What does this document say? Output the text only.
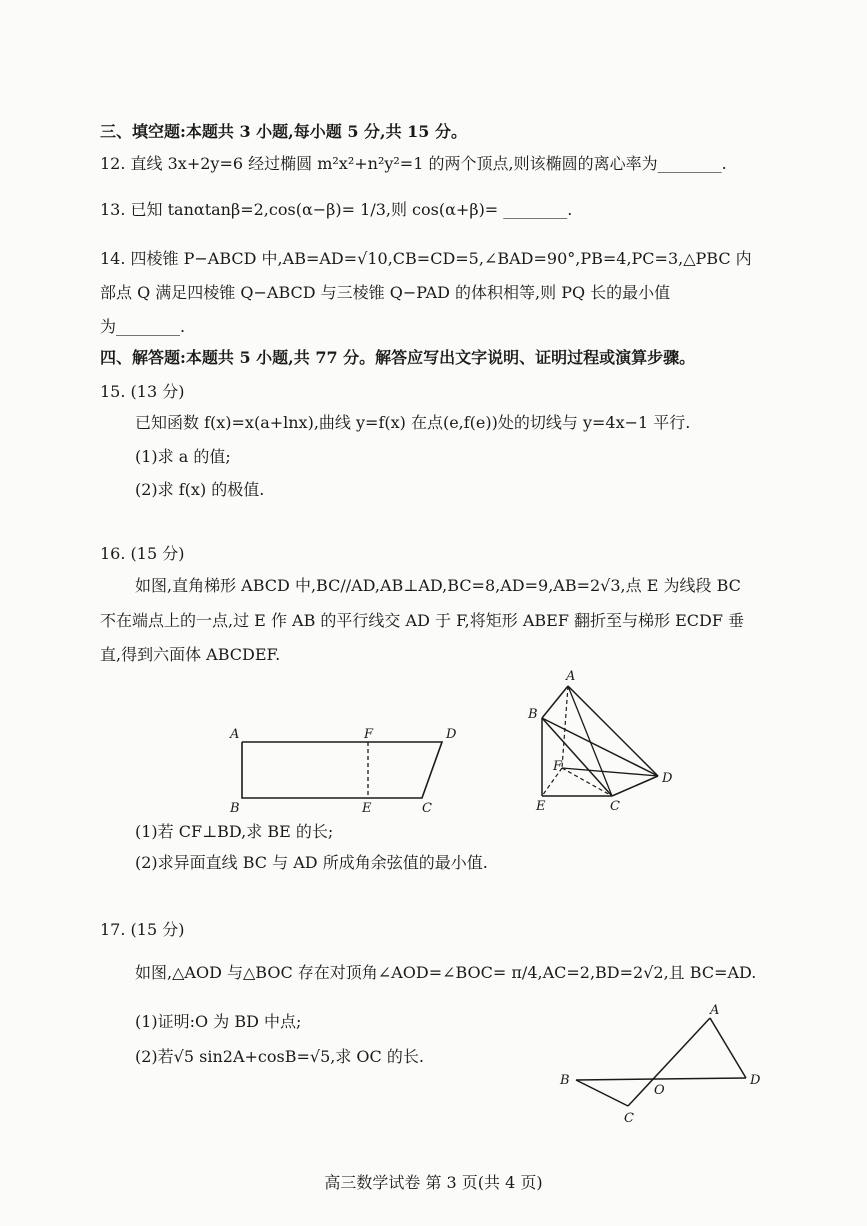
三、填空题:本题共 3 小题,每小题 5 分,共 15 分。
12. 直线 3x+2y=6 经过椭圆 m²x²+n²y²=1 的两个顶点,则该椭圆的离心率为________.
13. 已知 tanαtanβ=2,cos(α−β)= 1/3,则 cos(α+β)= ________.
14. 四棱锥 P−ABCD 中,AB=AD=√10,CB=CD=5,∠BAD=90°,PB=4,PC=3,△PBC 内
部点 Q 满足四棱锥 Q−ABCD 与三棱锥 Q−PAD 的体积相等,则 PQ 长的最小值
为________.
四、解答题:本题共 5 小题,共 77 分。解答应写出文字说明、证明过程或演算步骤。
15. (13 分)
已知函数 f(x)=x(a+lnx),曲线 y=f(x) 在点(e,f(e))处的切线与 y=4x−1 平行.
(1)求 a 的值;
(2)求 f(x) 的极值.
16. (15 分)
如图,直角梯形 ABCD 中,BC//AD,AB⊥AD,BC=8,AD=9,AB=2√3,点 E 为线段 BC
不在端点上的一点,过 E 作 AB 的平行线交 AD 于 F,将矩形 ABEF 翻折至与梯形 ECDF 垂
直,得到六面体 ABCDEF.
A	F	D
B	E	C
A
B
F
D
E	C
(1)若 CF⊥BD,求 BE 的长;
(2)求异面直线 BC 与 AD 所成角余弦值的最小值.
17. (15 分)
如图,△AOD 与△BOC 存在对顶角∠AOD=∠BOC= π/4,AC=2,BD=2√2,且 BC=AD.
(1)证明:O 为 BD 中点;
(2)若√5 sin2A+cosB=√5,求 OC 的长.
A
B
O
D
C
高三数学试卷 第 3 页(共 4 页)
